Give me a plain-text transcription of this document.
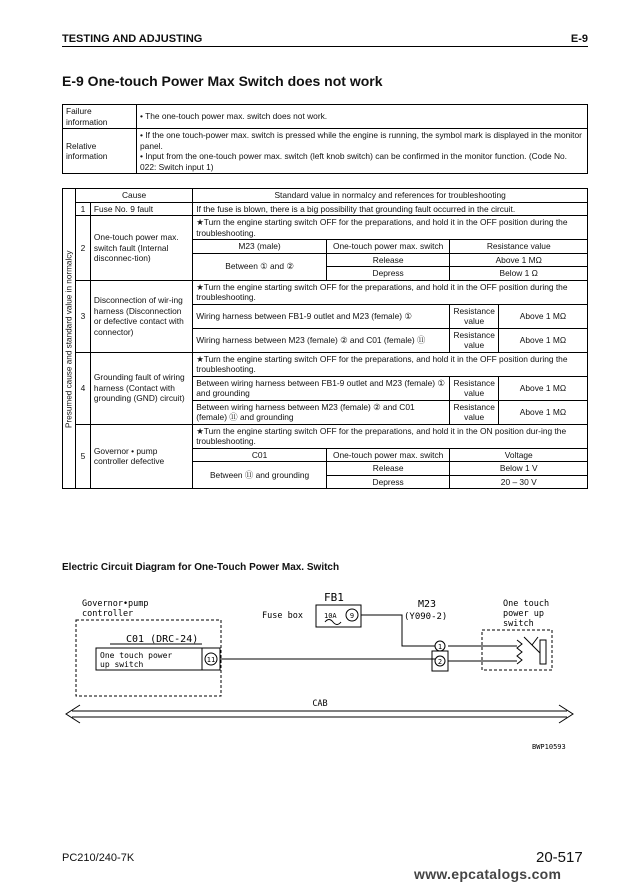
TESTING AND ADJUSTING	E-9
E-9 One-touch Power Max Switch does not work
Failure information	• The one-touch power max. switch does not work.
Relative information	• If the one touch-power max. switch is pressed while the engine is running, the symbol mark is displayed in the monitor panel.
• Input from the one-touch power max. switch (left knob switch) can be confirmed in the monitor function. (Code No. 022: Switch input 1)
Presumed cause and standard value in normalcy	Cause		Standard value in normalcy and references for troubleshooting			
	1	Fuse No. 9 fault	If the fuse is blown, there is a big possibility that grounding fault occurred in the circuit.			
	2	One-touch power max. switch fault (Internal disconnec-tion)	★Turn the engine starting switch OFF for the preparations, and hold it in the OFF position during the troubleshooting.			
			M23 (male)	One-touch power max. switch	Resistance value	
			Between ① and ②	Release	Above 1 MΩ	
				Depress	Below 1 Ω	
	3	Disconnection of wir-ing harness (Disconnection or defective contact with connector)	★Turn the engine starting switch OFF for the preparations, and hold it in the OFF position during the troubleshooting.			
			Wiring harness between FB1-9 outlet and M23 (female) ①		Resistance value	Above 1 MΩ
			Wiring harness between M23 (female) ② and C01 (female) ⑪		Resistance value	Above 1 MΩ
	4	Grounding fault of wiring harness (Contact with grounding (GND) circuit)	★Turn the engine starting switch OFF for the preparations, and hold it in the OFF position during the troubleshooting.			
			Between wiring harness between FB1-9 outlet and M23 (female) ① and grounding		Resistance value	Above 1 MΩ
			Between wiring harness between M23 (female) ② and C01 (female) ⑪ and grounding		Resistance value	Above 1 MΩ
	5	Governor • pump controller defective	★Turn the engine starting switch OFF for the preparations, and hold it in the ON position dur-ing the troubleshooting.			
			C01	One-touch power max. switch	Voltage	
			Between ⑪ and grounding	Release	Below 1 V	
				Depress	20 – 30 V	
Electric Circuit Diagram for One-Touch Power Max. Switch
Governor•pump
controller
C01 (DRC-24)
One touch power
up switch	11
FB1
Fuse box	10A 9
M23
(Y090-2)
1
2
One touch
power up
switch
CAB
BWP10593
PC210/240-7K	20-517
www.epcatalogs.com
